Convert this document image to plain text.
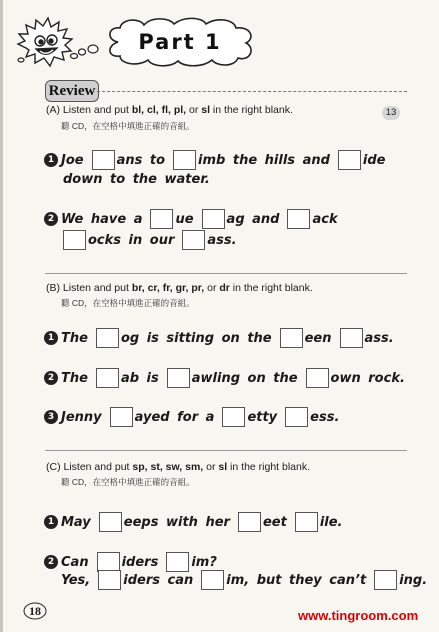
Part 1
Review
13
(A) Listen and put bl, cl, fl, pl, or sl in the right blank.
聽 CD，在空格中填進正確的音組。
(B) Listen and put br, cr, fr, gr, pr, or dr in the right blank.
聽 CD，在空格中填進正確的音組。
(C) Listen and put sp, st, sw, sm, or sl in the right blank.
聽 CD，在空格中填進正確的音組。
1 Joe	ans to	imb the hills and	ide
down to the water.
2 We have a	ue	ag and	ack
ocks in our	ass.
1 The	og is sitting on the	een	ass.
2 The	ab is	awling on the	own rock.
3 Jenny	ayed for a	etty	ess.
1 May	eeps with her	eet	ile.
2 Can	iders	im?
Yes,	iders can	im, but they can’t	ing.
18	www.tingroom.com
